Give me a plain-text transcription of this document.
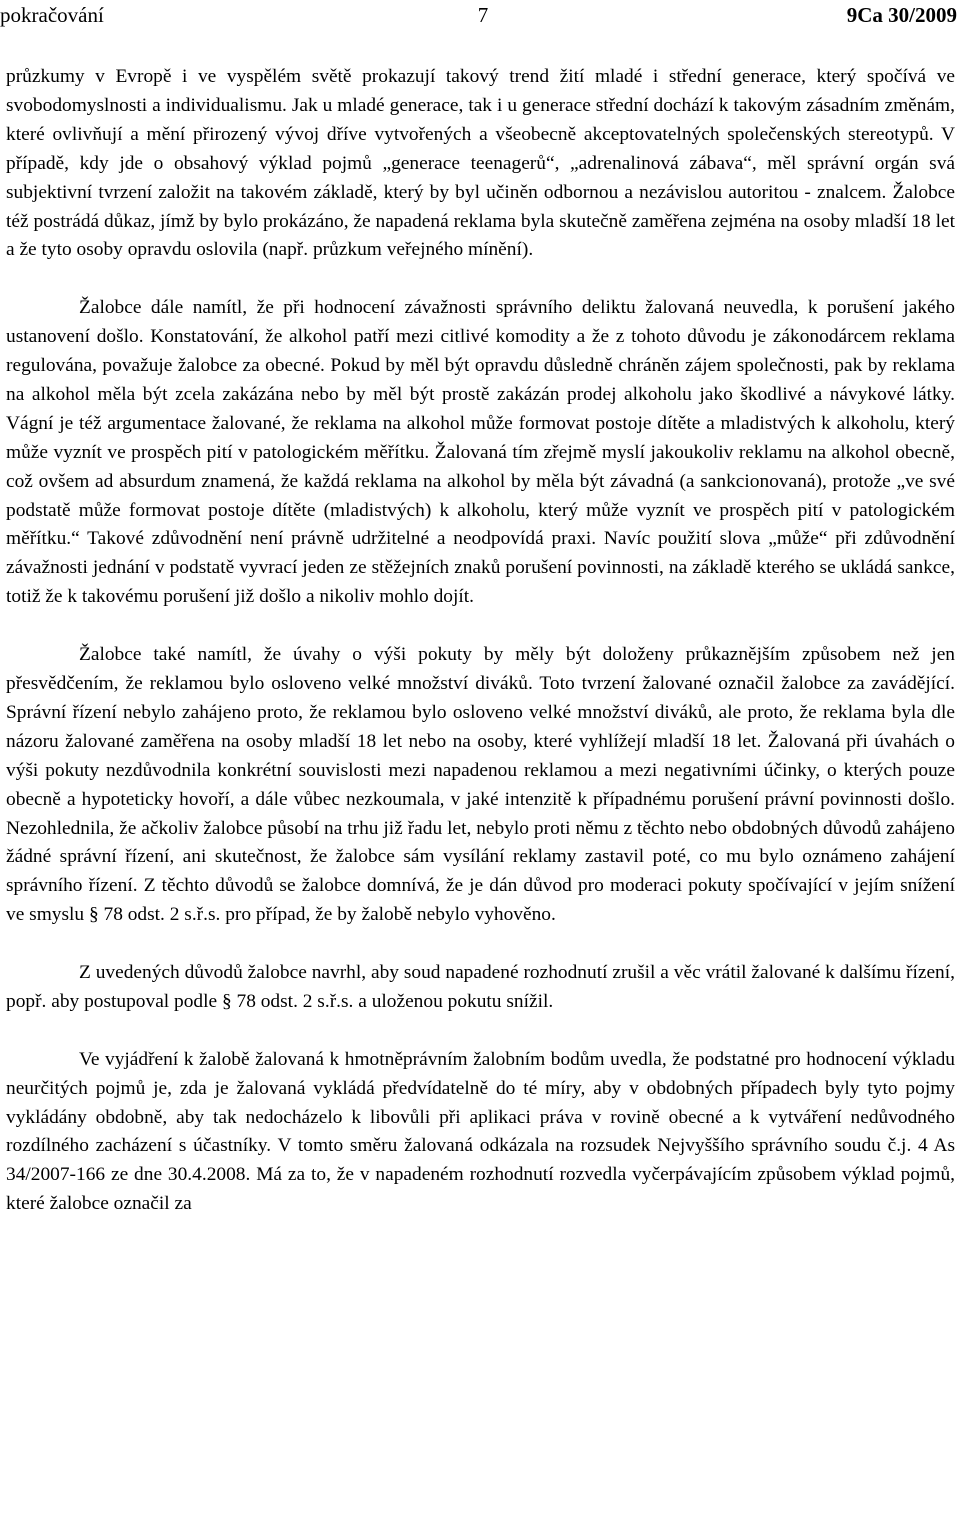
pokračování	7	9Ca 30/2009

průzkumy v Evropě i ve vyspělém světě prokazují takový trend žití mladé i střední generace, který spočívá ve svobodomyslnosti a individualismu. Jak u mladé generace, tak i u generace střední dochází k takovým zásadním změnám, které ovlivňují a mění přirozený vývoj dříve vytvořených a všeobecně akceptovatelných společenských stereotypů. V případě, kdy jde o obsahový výklad pojmů „generace teenagerů“, „adrenalinová zábava“, měl správní orgán svá subjektivní tvrzení založit na takovém základě, který by byl učiněn odbornou a nezávislou autoritou - znalcem. Žalobce též postrádá důkaz, jímž by bylo prokázáno, že napadená reklama byla skutečně zaměřena zejména na osoby mladší 18 let a že tyto osoby opravdu oslovila (např. průzkum veřejného mínění).

Žalobce dále namítl, že při hodnocení závažnosti správního deliktu žalovaná neuvedla, k porušení jakého ustanovení došlo. Konstatování, že alkohol patří mezi citlivé komodity a že z tohoto důvodu je zákonodárcem reklama regulována, považuje žalobce za obecné. Pokud by měl být opravdu důsledně chráněn zájem společnosti, pak by reklama na alkohol měla být zcela zakázána nebo by měl být prostě zakázán prodej alkoholu jako škodlivé a návykové látky. Vágní je též argumentace žalované, že reklama na alkohol může formovat postoje dítěte a mladistvých k alkoholu, který může vyznít ve prospěch pití v patologickém měřítku. Žalovaná tím zřejmě myslí jakoukoliv reklamu na alkohol obecně, což ovšem ad absurdum znamená, že každá reklama na alkohol by měla být závadná (a sankcionovaná), protože „ve své podstatě může formovat postoje dítěte (mladistvých) k alkoholu, který může vyznít ve prospěch pití v patologickém měřítku.“ Takové zdůvodnění není právně udržitelné a neodpovídá praxi. Navíc použití slova „může“ při zdůvodnění závažnosti jednání v podstatě vyvrací jeden ze stěžejních znaků porušení povinnosti, na základě kterého se ukládá sankce, totiž že k takovému porušení již došlo a nikoliv mohlo dojít.

Žalobce také namítl, že úvahy o výši pokuty by měly být doloženy průkaznějším způsobem než jen přesvědčením, že reklamou bylo osloveno velké množství diváků. Toto tvrzení žalované označil žalobce za zavádějící. Správní řízení nebylo zahájeno proto, že reklamou bylo osloveno velké množství diváků, ale proto, že reklama byla dle názoru žalované zaměřena na osoby mladší 18 let nebo na osoby, které vyhlížejí mladší 18 let. Žalovaná při úvahách o výši pokuty nezdůvodnila konkrétní souvislosti mezi napadenou reklamou a mezi negativními účinky, o kterých pouze obecně a hypoteticky hovoří, a dále vůbec nezkoumala, v jaké intenzitě k případnému porušení právní povinnosti došlo. Nezohlednila, že ačkoliv žalobce působí na trhu již řadu let, nebylo proti němu z těchto nebo obdobných důvodů zahájeno žádné správní řízení, ani skutečnost, že žalobce sám vysílání reklamy zastavil poté, co mu bylo oznámeno zahájení správního řízení. Z těchto důvodů se žalobce domnívá, že je dán důvod pro moderaci pokuty spočívající v jejím snížení ve smyslu § 78 odst. 2 s.ř.s. pro případ, že by žalobě nebylo vyhověno.

Z uvedených důvodů žalobce navrhl, aby soud napadené rozhodnutí zrušil a věc vrátil žalované k dalšímu řízení, popř. aby postupoval podle § 78 odst. 2 s.ř.s. a uloženou pokutu snížil.

Ve vyjádření k žalobě žalovaná k hmotněprávním žalobním bodům uvedla, že podstatné pro hodnocení výkladu neurčitých pojmů je, zda je žalovaná vykládá předvídatelně do té míry, aby v obdobných případech byly tyto pojmy vykládány obdobně, aby tak nedocházelo k libovůli při aplikaci práva v rovině obecné a k vytváření nedůvodného rozdílného zacházení s účastníky. V tomto směru žalovaná odkázala na rozsudek Nejvyššího správního soudu č.j. 4 As 34/2007-166 ze dne 30.4.2008. Má za to, že v napadeném rozhodnutí rozvedla vyčerpávajícím způsobem výklad pojmů, které žalobce označil za
